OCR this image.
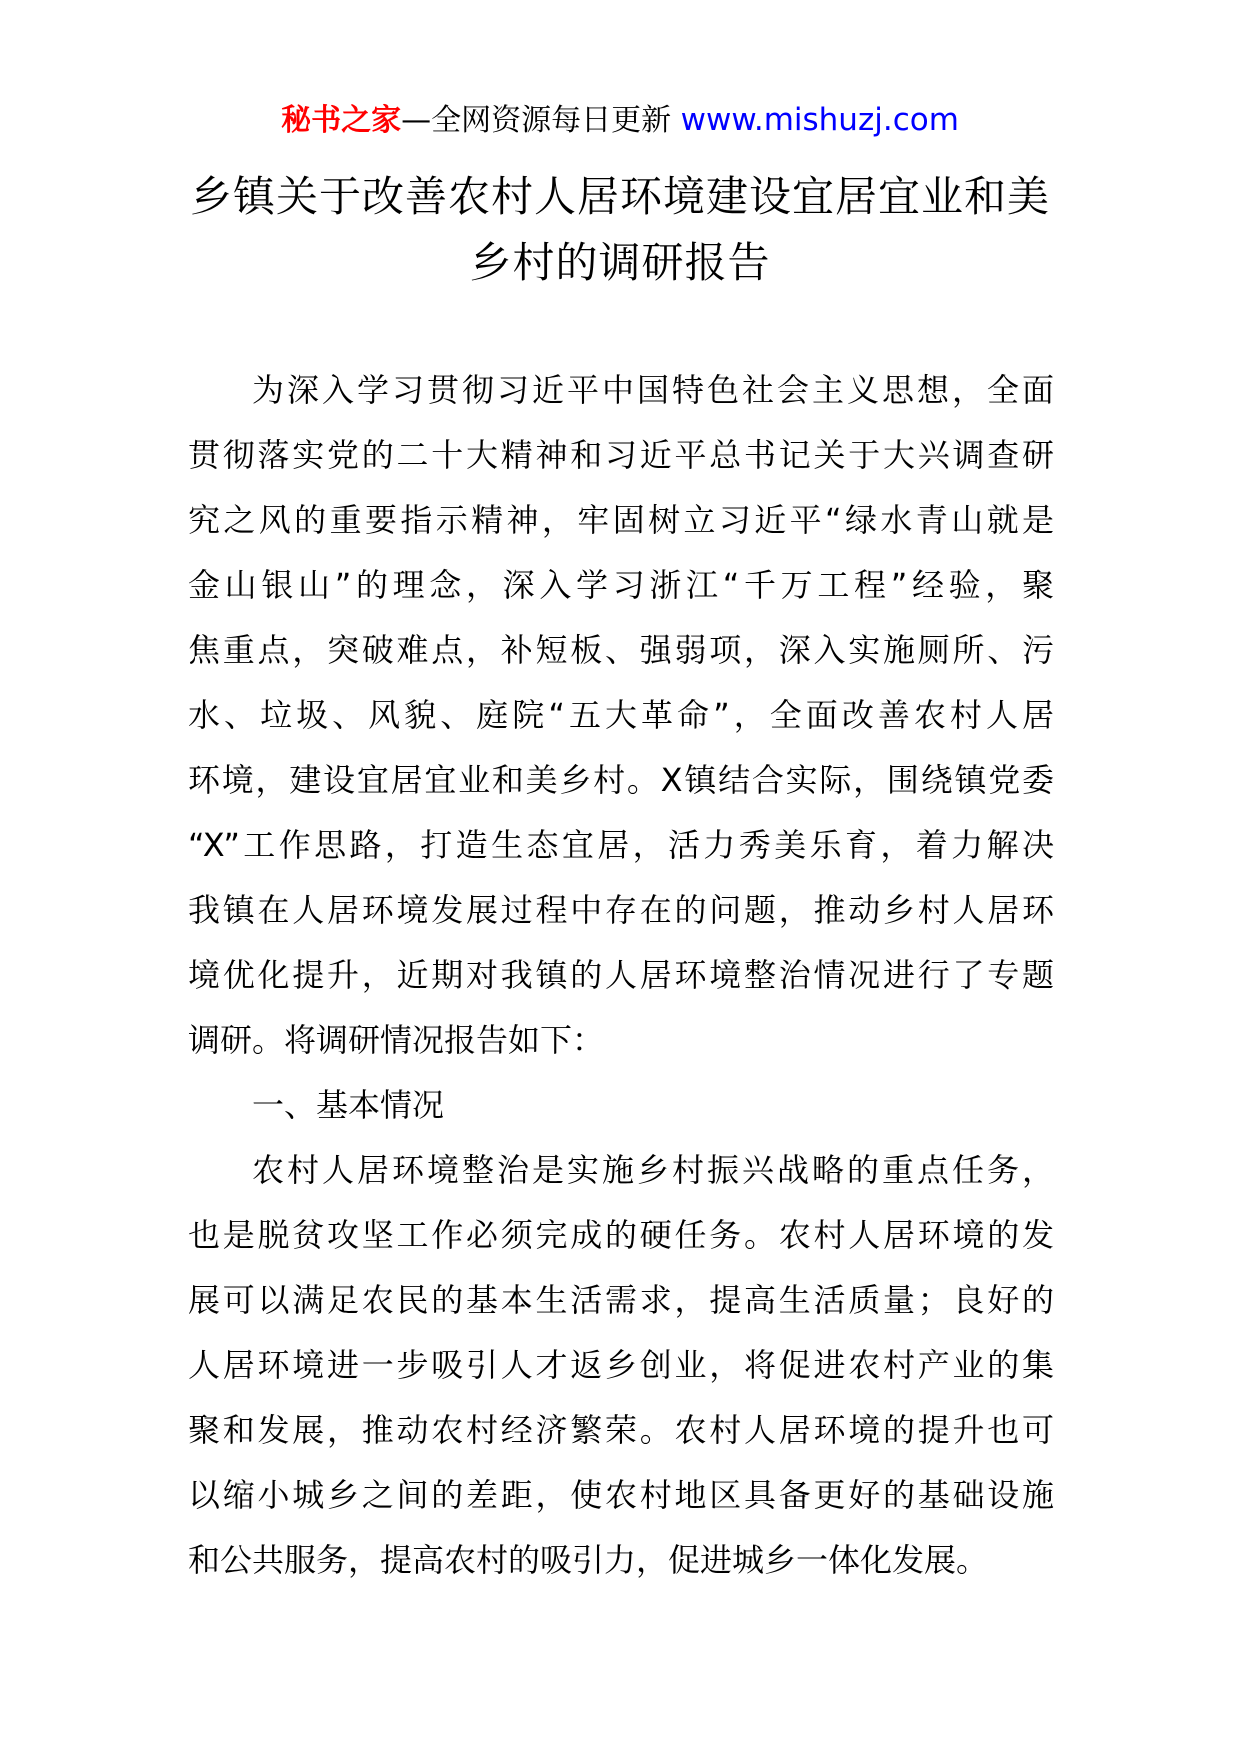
秘书之家—全网资源每日更新 www.mishuzj.com
乡镇关于改善农村人居环境建设宜居宜业和美
乡村的调研报告
为深入学习贯彻习近平中国特色社会主义思想，全面
贯彻落实党的二十大精神和习近平总书记关于大兴调查研
究之风的重要指示精神，牢固树立习近平“绿水青山就是
金山银山”的理念，深入学习浙江“千万工程”经验，聚
焦重点，突破难点，补短板、强弱项，深入实施厕所、污
水、垃圾、风貌、庭院“五大革命”，全面改善农村人居
环境，建设宜居宜业和美乡村。X镇结合实际，围绕镇党委
“X”工作思路，打造生态宜居，活力秀美乐育，着力解决
我镇在人居环境发展过程中存在的问题，推动乡村人居环
境优化提升，近期对我镇的人居环境整治情况进行了专题
调研。将调研情况报告如下：
一、基本情况
农村人居环境整治是实施乡村振兴战略的重点任务，
也是脱贫攻坚工作必须完成的硬任务。农村人居环境的发
展可以满足农民的基本生活需求，提高生活质量；良好的
人居环境进一步吸引人才返乡创业，将促进农村产业的集
聚和发展，推动农村经济繁荣。农村人居环境的提升也可
以缩小城乡之间的差距，使农村地区具备更好的基础设施
和公共服务，提高农村的吸引力，促进城乡一体化发展。
